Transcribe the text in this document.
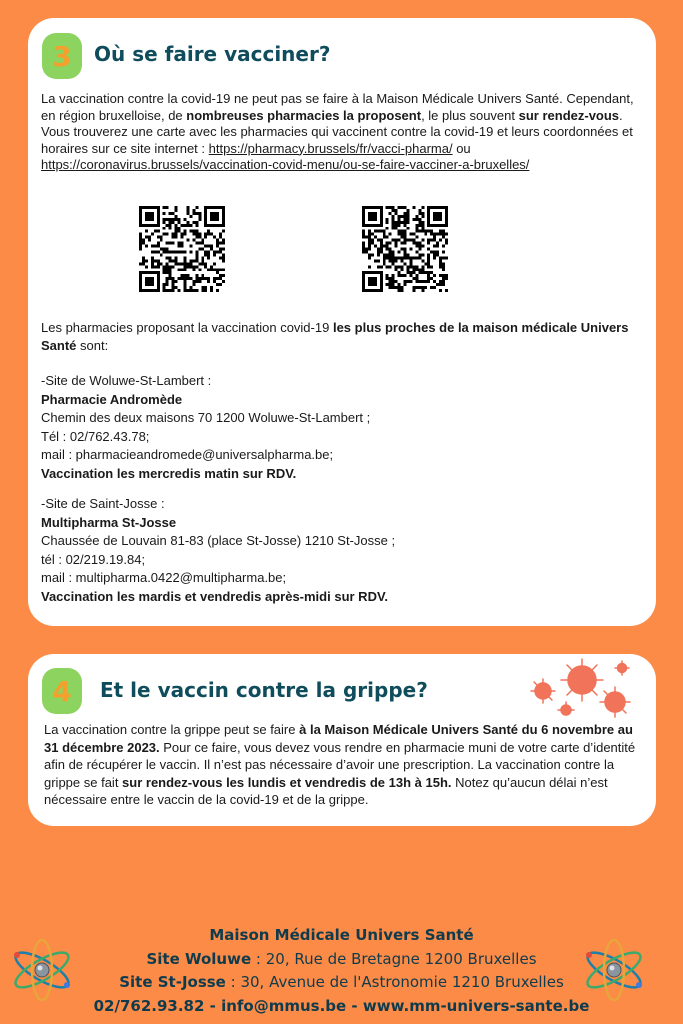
3 Où se faire vacciner?
La vaccination contre la covid-19 ne peut pas se faire à la Maison Médicale Univers Santé. Cependant, en région bruxelloise, de nombreuses pharmacies la proposent, le plus souvent sur rendez-vous. Vous trouverez une carte avec les pharmacies qui vaccinent contre la covid-19 et leurs coordonnées et horaires sur ce site internet : https://pharmacy.brussels/fr/vacci-pharma/ ou https://coronavirus.brussels/vaccination-covid-menu/ou-se-faire-vacciner-a-bruxelles/
Les pharmacies proposant la vaccination covid-19 les plus proches de la maison médicale Univers Santé sont:
-Site de Woluwe-St-Lambert :
Pharmacie Andromède
Chemin des deux maisons 70 1200 Woluwe-St-Lambert ;
Tél : 02/762.43.78;
mail : pharmacieandromede@universalpharma.be;
Vaccination les mercredis matin sur RDV.
-Site de Saint-Josse :
Multipharma St-Josse
Chaussée de Louvain 81-83 (place St-Josse) 1210 St-Josse ;
tél : 02/219.19.84;
mail : multipharma.0422@multipharma.be;
Vaccination les mardis et vendredis après-midi sur RDV.
4 Et le vaccin contre la grippe?
La vaccination contre la grippe peut se faire à la Maison Médicale Univers Santé du 6 novembre au 31 décembre 2023. Pour ce faire, vous devez vous rendre en pharmacie muni de votre carte d’identité afin de récupérer le vaccin. Il n’est pas nécessaire d’avoir une prescription. La vaccination contre la grippe se fait sur rendez-vous les lundis et vendredis de 13h à 15h. Notez qu’aucun délai n’est nécessaire entre le vaccin de la covid-19 et de la grippe.
Maison Médicale Univers Santé
Site Woluwe : 20, Rue de Bretagne 1200 Bruxelles
Site St-Josse : 30, Avenue de l'Astronomie 1210 Bruxelles
02/762.93.82 - info@mmus.be - www.mm-univers-sante.be
